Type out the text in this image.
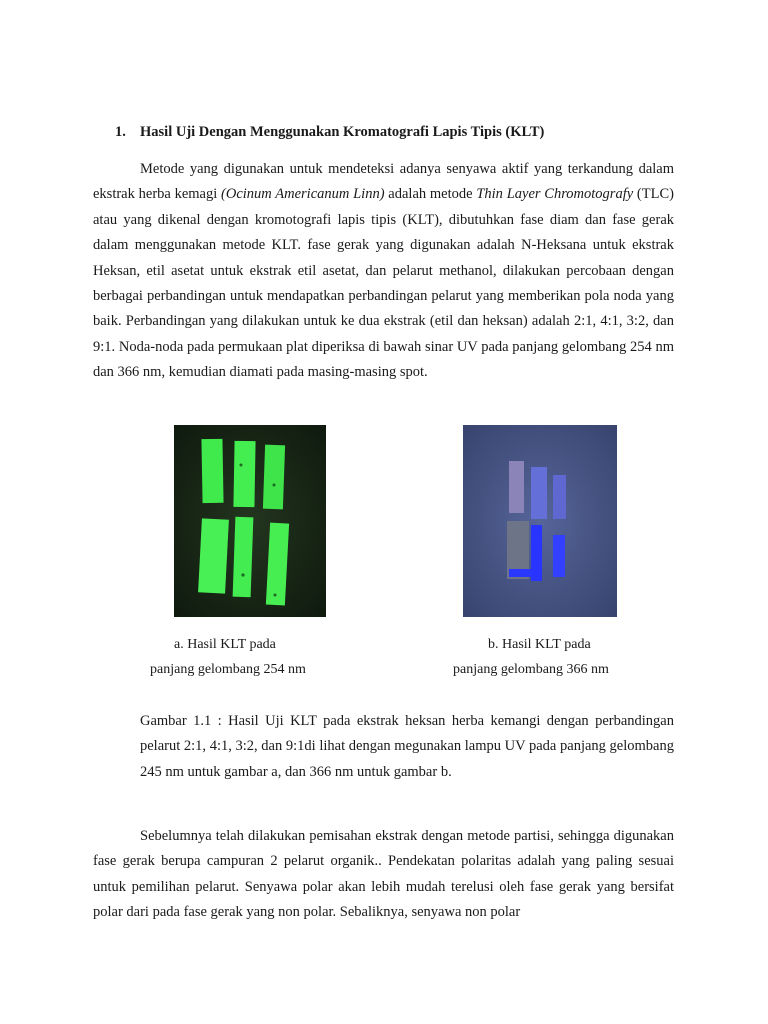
1. Hasil Uji Dengan Menggunakan Kromatografi Lapis Tipis (KLT)

Metode yang digunakan untuk mendeteksi adanya senyawa aktif yang terkandung dalam ekstrak herba kemagi (Ocinum Americanum Linn) adalah metode Thin Layer Chromotografy (TLC) atau yang dikenal dengan kromotografi lapis tipis (KLT), dibutuhkan fase diam dan fase gerak dalam menggunakan metode KLT. fase gerak yang digunakan adalah N-Heksana untuk ekstrak Heksan, etil asetat untuk ekstrak etil asetat, dan pelarut methanol, dilakukan percobaan dengan berbagai perbandingan untuk mendapatkan perbandingan pelarut yang memberikan pola noda yang baik. Perbandingan yang dilakukan untuk ke dua ekstrak (etil dan heksan) adalah 2:1, 4:1, 3:2, dan 9:1. Noda-noda pada permukaan plat diperiksa di bawah sinar UV pada panjang gelombang 254 nm dan 366 nm, kemudian diamati pada masing-masing spot.

a. Hasil KLT pada
panjang gelombang 254 nm
b. Hasil KLT pada
panjang gelombang 366 nm

Gambar 1.1 : Hasil Uji KLT pada ekstrak heksan herba kemangi dengan perbandingan pelarut 2:1, 4:1, 3:2, dan 9:1di lihat dengan megunakan lampu UV pada panjang gelombang 245 nm untuk gambar a, dan 366 nm untuk gambar b.

Sebelumnya telah dilakukan pemisahan ekstrak dengan metode partisi, sehingga digunakan fase gerak berupa campuran 2 pelarut organik.. Pendekatan polaritas adalah yang paling sesuai untuk pemilihan pelarut. Senyawa polar akan lebih mudah terelusi oleh fase gerak yang bersifat polar dari pada fase gerak yang non polar. Sebaliknya, senyawa non polar
